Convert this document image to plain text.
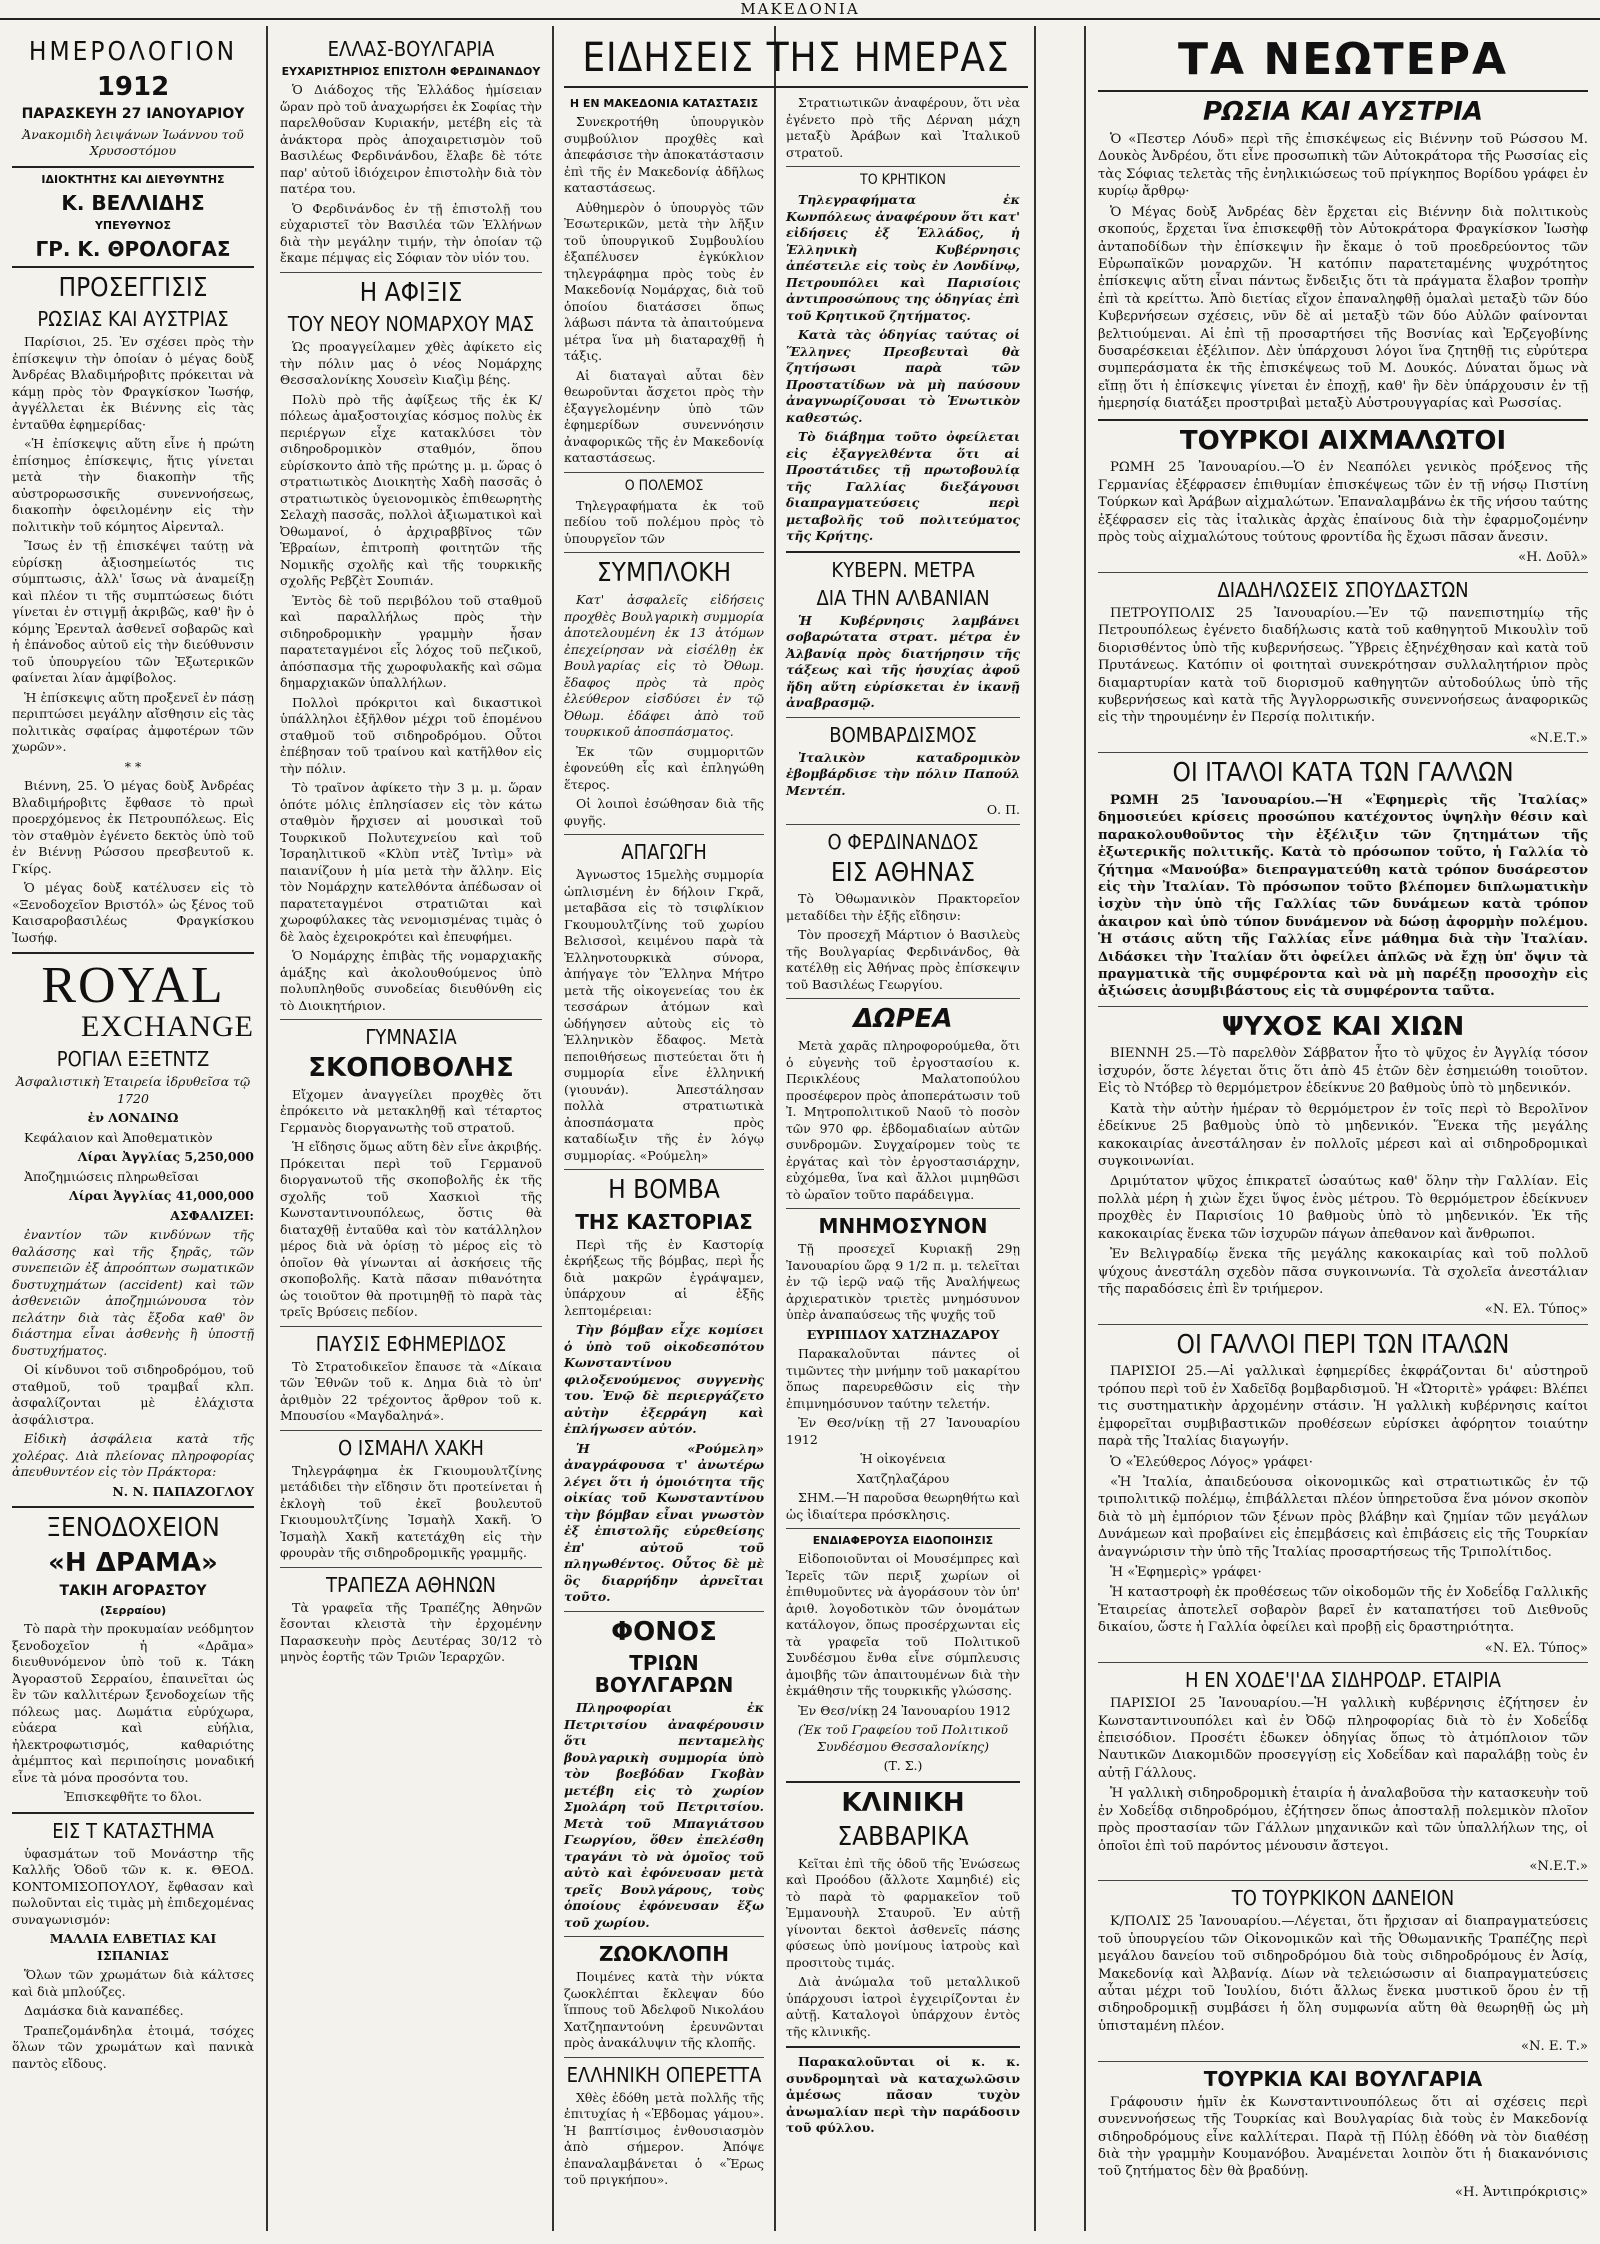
ΜΑΚΕΔΟΝΙΑ
ΗΜΕΡΟΛΟΓΙΟΝ
1912
ΠΑΡΑΣΚΕΥΗ 27 ΙΑΝΟΥΑΡΙΟΥ

Ἀνακομιδὴ λειψάνων Ἰωάννου τοῦ Χρυσοστόμου

ΙΔΙΟΚΤΗΤΗΣ ΚΑΙ ΔΙΕΥΘΥΝΤΗΣ
Κ. ΒΕΛΛΙΔΗΣ
ΥΠΕΥΘΥΝΟΣ
ΓΡ. Κ. ΘΡΟΛΟΓΑΣ
ΠΡΟΣΕΓΓΙΣΙΣ
ΡΩΣΙΑΣ ΚΑΙ ΑΥΣΤΡΙΑΣ

Παρίσιοι, 25. Ἐν σχέσει πρὸς τὴν ἐπίσκεψιν τὴν ὁποίαν ὁ μέγας δοὺξ Ἀνδρέας Βλαδιμήροβιτς πρόκειται νὰ κάμῃ πρὸς τὸν Φραγκίσκον Ἰωσήφ, ἀγγέλλεται ἐκ Βιέννης εἰς τὰς ἐνταῦθα ἐφημερίδας·

«Ἡ ἐπίσκεψις αὕτη εἶνε ἡ πρώτη ἐπίσημος ἐπίσκεψις, ἥτις γίνεται μετὰ τὴν διακοπὴν τῆς αὐστρορωσσικῆς συνεννοήσεως, διακοπὴν ὀφειλομένην εἰς τὴν πολιτικὴν τοῦ κόμητος Αἰρενταλ.

Ἴσως ἐν τῇ ἐπισκέψει ταύτῃ νὰ εὑρίσκῃ ἀξιοσημείωτός τις σύμπτωσις, ἀλλ' ἴσως νὰ ἀναμείξῃ καὶ πλέον τι τῆς συμπτώσεως διότι γίνεται ἐν στιγμῇ ἀκριβῶς, καθ' ἣν ὁ κόμης Ἐρενταλ ἀσθενεῖ σοβαρῶς καὶ ἡ ἐπάνοδος αὐτοῦ εἰς τὴν διεύθυνσιν τοῦ ὑπουργείου τῶν Ἐξωτερικῶν φαίνεται λίαν ἀμφίβολος.

Ἡ ἐπίσκεψις αὕτη προξενεῖ ἐν πάσῃ περιπτώσει μεγάλην αἴσθησιν εἰς τὰς πολιτικὰς σφαίρας ἀμφοτέρων τῶν χωρῶν».

* *

Βιέννη, 25. Ὁ μέγας δοὺξ Ἀνδρέας Βλαδιμήροβιτς ἔφθασε τὸ πρωὶ προερχόμενος ἐκ Πετρουπόλεως. Εἰς τὸν σταθμὸν ἐγένετο δεκτὸς ὑπὸ τοῦ ἐν Βιέννῃ Ρώσσου πρεσβευτοῦ κ. Γκίρς.

Ὁ μέγας δοὺξ κατέλυσεν εἰς τὸ «Ξενοδοχεῖον Βριστόλ» ὡς ξένος τοῦ Καισαροβασιλέως Φραγκίσκου Ἰωσήφ.

ROYAL
EXCHANGE
ΡΟΓΙΑΛ ΕΞΕΤΝΤΖ

Ἀσφαλιστικὴ Ἑταιρεία ἱδρυθεῖσα τῷ 1720

ἐν ΛΟΝΔΙΝΩ

Κεφάλαιον καὶ Ἀποθεματικὸν

Λίραι Ἀγγλίας 5,250,000

Ἀποζημιώσεις πληρωθεῖσαι

Λίραι Ἀγγλίας 41,000,000

ΑΣΦΑΛΙΖΕΙ:

ἐναντίον τῶν κινδύνων τῆς θαλάσσης καὶ τῆς ξηρᾶς, τῶν συνεπειῶν ἐξ ἀπροόπτων σωματικῶν δυστυχημάτων (accident) καὶ τῶν ἀσθενειῶν ἀποζημιώνουσα τὸν πελάτην διὰ τὰς ἔξοδα καθ' ὃν διάστημα εἶναι ἀσθενὴς ἢ ὑποστῇ δυστυχήματος.

Οἱ κίνδυνοι τοῦ σιδηροδρόμου, τοῦ σταθμοῦ, τοῦ τραμβαΐ κλπ. ἀσφαλίζονται μὲ ἐλάχιστα ἀσφάλιστρα.

Εἰδικὴ ἀσφάλεια κατὰ τῆς χολέρας. Διὰ πλείονας πληροφορίας ἀπευθυντέον εἰς τὸν Πράκτορα:

Ν. Ν. ΠΑΠΑΖΟΓΛΟΥ

ΞΕΝΟΔΟΧΕΙΟΝ
«Η ΔΡΑΜΑ»
ΤΑΚΙΗ ΑΓΟΡΑΣΤΟΥ
(Σερραίου)

Τὸ παρὰ τὴν προκυμαίαν νεόδμητον ξενοδοχεῖον ἡ «Δρᾶμα» διευθυνόμενον ὑπὸ τοῦ κ. Τάκη Ἀγοραστοῦ Σερραίου, ἐπαινεῖται ὡς ἓν τῶν καλλιτέρων ξενοδοχείων τῆς πόλεως μας. Δωμάτια εὐρύχωρα, εὐάερα καὶ εὐήλια, ἠλεκτροφωτισμός, καθαριότης ἀμέμπτος καὶ περιποίησις μοναδική εἶνε τὰ μόνα προσόντα του.

Ἐπισκεφθῆτε το δλοι.

ΕΙΣ Τ ΚΑΤΑΣΤΗΜΑ

ὑφασμάτων τοῦ Μονάστηρ τῆς Καλλῆς Ὁδοῦ τῶν κ. κ. ΘΕΟΔ. ΚΟΝΤΟΜΙΣΟΠΟΥΛΟΥ, ἔφθασαν καὶ πωλοῦνται εἰς τιμὰς μὴ ἐπιδεχομένας συναγωνισμόν:

ΜΑΛΛΙΑ ΕΛΒΕΤΙΑΣ ΚΑΙ ΙΣΠΑΝΙΑΣ

Ὅλων τῶν χρωμάτων διὰ κάλτσες καὶ διὰ μπλούζες.

Δαμάσκα διὰ καναπέδες.

Τραπεζομάνδηλα ἑτοιμά, τσόχες ὅλων τῶν χρωμάτων καὶ πανικὰ παντὸς εἴδους.

ΕΛΛΑΣ-ΒΟΥΛΓΑΡΙΑ
ΕΥΧΑΡΙΣΤΗΡΙΟΣ ΕΠΙΣΤΟΛΗ ΦΕΡΔΙΝΑΝΔΟΥ

Ὁ Διάδοχος τῆς Ἑλλάδος ἡμίσειαν ὥραν πρὸ τοῦ ἀναχωρήσει ἐκ Σοφίας τὴν παρελθοῦσαν Κυριακήν, μετέβη εἰς τὰ ἀνάκτορα πρὸς ἀποχαιρετισμὸν τοῦ Βασιλέως Φερδινάνδου, ἔλαβε δὲ τότε παρ' αὐτοῦ ἰδιόχειρον ἐπιστολὴν διὰ τὸν πατέρα του.

Ὁ Φερδινάνδος ἐν τῇ ἐπιστολῇ του εὐχαριστεῖ τὸν Βασιλέα τῶν Ἑλλήνων διὰ τὴν μεγάλην τιμήν, τὴν ὁποίαν τῷ ἔκαμε πέμψας εἰς Σόφιαν τὸν υἱόν του.

Η ΑΦΙΞΙΣ
ΤΟΥ ΝΕΟΥ ΝΟΜΑΡΧΟΥ ΜΑΣ

Ὡς προαγγείλαμεν χθὲς ἀφίκετο εἰς τὴν πόλιν μας ὁ νέος Νομάρχης Θεσσαλονίκης Χουσεὶν Κιαζὶμ βέης.

Πολὺ πρὸ τῆς ἀφίξεως τῆς ἐκ Κ/πόλεως ἀμαξοστοιχίας κόσμος πολὺς ἐκ περιέργων εἶχε κατακλύσει τὸν σιδηροδρομικὸν σταθμόν, ὅπου εὑρίσκοντο ἀπὸ τῆς πρώτης μ. μ. ὥρας ὁ στρατιωτικὸς Διοικητὴς Χαδὴ πασσᾶς ὁ στρατιωτικὸς ὑγειονομικὸς ἐπιθεωρητὴς Σελαχὴ πασσᾶς, πολλοὶ ἀξιωματικοὶ καὶ Ὀθωμανοί, ὁ ἀρχιραββῖνος τῶν Ἑβραίων, ἐπιτροπὴ φοιτητῶν τῆς Νομικῆς σχολῆς καὶ τῆς τουρκικῆς σχολῆς Ρεβζὲτ Σουπιάν.

Ἐντὸς δὲ τοῦ περιβόλου τοῦ σταθμοῦ καὶ παραλλήλως πρὸς τὴν σιδηροδρομικὴν γραμμὴν ἦσαν παρατεταγμένοι εἷς λόχος τοῦ πεζικοῦ, ἀπόσπασμα τῆς χωροφυλακῆς καὶ σῶμα δημαρχιακῶν ὑπαλλήλων.

Πολλοὶ πρόκριτοι καὶ δικαστικοὶ ὑπάλληλοι ἐξῆλθον μέχρι τοῦ ἑπομένου σταθμοῦ τοῦ σιδηροδρόμου. Οὗτοι ἐπέβησαν τοῦ τραίνου καὶ κατῆλθον εἰς τὴν πόλιν.

Τὸ τραῖνον ἀφίκετο τὴν 3 μ. μ. ὥραν ὁπότε μόλις ἐπλησίασεν εἰς τὸν κάτω σταθμὸν ἤρχισεν αἱ μουσικαὶ τοῦ Τουρκικοῦ Πολυτεχνείου καὶ τοῦ Ἰσραηλιτικοῦ «Κλὺπ ντὲζ Ἰντὶμ» νὰ παιανίζουν ἡ μία μετὰ τὴν ἄλλην. Εἰς τὸν Νομάρχην κατελθόντα ἀπέδωσαν οἱ παρατεταγμένοι στρατιῶται καὶ χωροφύλακες τὰς νενομισμένας τιμὰς ὁ δὲ λαὸς ἐχειροκρότει καὶ ἐπευφήμει.

Ὁ Νομάρχης ἐπιβὰς τῆς νομαρχιακῆς ἁμάξης καὶ ἀκολουθούμενος ὑπὸ πολυπληθοῦς συνοδείας διευθύνθη εἰς τὸ Διοικητήριον.

ΓΥΜΝΑΣΙΑ
ΣΚΟΠΟΒΟΛΗΣ

Εἴχομεν ἀναγγείλει προχθὲς ὅτι ἐπρόκειτο νὰ μετακληθῇ καὶ τέταρτος Γερμανὸς διοργανωτὴς τοῦ στρατοῦ.

Ἡ εἴδησις ὅμως αὕτη δὲν εἶνε ἀκριβής. Πρόκειται περὶ τοῦ Γερμανοῦ διοργανωτοῦ τῆς σκοποβολῆς ἐκ τῆς σχολῆς τοῦ Χασκιοὶ τῆς Κωνσταντινουπόλεως, ὅστις θὰ διαταχθῇ ἐνταῦθα καὶ τὸν κατάλληλον μέρος διὰ νὰ ὁρίσῃ τὸ μέρος εἰς τὸ ὁποῖον θὰ γίνωνται αἱ ἀσκήσεις τῆς σκοποβολῆς. Κατὰ πᾶσαν πιθανότητα ὡς τοιοῦτον θὰ προτιμηθῇ τὸ παρὰ τὰς τρεῖς Βρύσεις πεδίον.

ΠΑΥΣΙΣ ΕΦΗΜΕΡΙΔΟΣ

Τὸ Στρατοδικεῖον ἔπαυσε τὰ «Δίκαια τῶν Ἐθνῶν τοῦ κ. Δημα διὰ τὸ ὑπ' ἀριθμὸν 22 τρέχοντος ἄρθρον τοῦ κ. Μπουσίου «Μαγδαληνά».

Ο ΙΣΜΑΗΛ ΧΑΚΗ

Τηλεγράφημα ἐκ Γκιουμουλτζίνης μετάδιδει τὴν εἴδησιν ὅτι προτείνεται ἡ ἐκλογὴ τοῦ ἐκεῖ βουλευτοῦ Γκιουμουλτζίνης Ἰσμαὴλ Χακῆ. Ὁ Ἰσμαὴλ Χακῆ κατετάχθη εἰς τὴν φρουρὰν τῆς σιδηροδρομικῆς γραμμῆς.

ΤΡΑΠΕΖΑ ΑΘΗΝΩΝ

Τὰ γραφεῖα τῆς Τραπέζης Ἀθηνῶν ἔσονται κλειστὰ τὴν ἐρχομένην Παρασκευὴν πρὸς Δευτέρας 30/12 τὸ μηνὸς ἑορτῆς τῶν Τριῶν Ἱεραρχῶν.

ΕΙΔΗΣΕΙΣ ΤΗΣ ΗΜΕΡΑΣ
Η ΕΝ ΜΑΚΕΔΟΝΙΑ ΚΑΤΑΣΤΑΣΙΣ

Συνεκροτήθη ὑπουργικὸν συμβούλιον προχθὲς καὶ ἀπεφάσισε τὴν ἀποκατάστασιν ἐπὶ τῆς ἐν Μακεδονίᾳ ἀδῆλως καταστάσεως.

Αὐθημερὸν ὁ ὑπουργὸς τῶν Ἐσωτερικῶν, μετὰ τὴν λῆξιν τοῦ ὑπουργικοῦ Συμβουλίου ἐξαπέλυσεν ἐγκύκλιον τηλεγράφημα πρὸς τοὺς ἐν Μακεδονίᾳ Νομάρχας, διὰ τοῦ ὁποίου διατάσσει ὅπως λάβωσι πάντα τὰ ἀπαιτούμενα μέτρα ἵνα μὴ διαταραχθῇ ἡ τάξις.

Αἱ διαταγαὶ αὗται δὲν θεωροῦνται ἄσχετοι πρὸς τὴν ἐξαγγελομένην ὑπὸ τῶν ἐφημερίδων συνεννόησιν ἀναφορικῶς τῆς ἐν Μακεδονίᾳ καταστάσεως.

Ο ΠΟΛΕΜΟΣ

Τηλεγραφήματα ἐκ τοῦ πεδίου τοῦ πολέμου πρὸς τὸ ὑπουργεῖον τῶν

ΣΥΜΠΛΟΚΗ

Κατ' ἀσφαλεῖς εἰδήσεις προχθὲς Βουλγαρικὴ συμμορία ἀποτελουμένη ἐκ 13 ἀτόμων ἐπεχείρησαν νὰ εἰσέλθῃ ἐκ Βουλγαρίας εἰς τὸ Ὀθωμ. ἔδαφος πρὸς τὰ πρὸς ἐλεύθερον εἰσδύσει ἐν τῷ Ὀθωμ. ἐδάφει ἀπὸ τοῦ τουρκικοῦ ἀποσπάσματος.

Ἐκ τῶν συμμοριτῶν ἐφονεύθη εἷς καὶ ἐπληγώθη ἕτερος.

Οἱ λοιποὶ ἐσώθησαν διὰ τῆς φυγῆς.

ΑΠΑΓΩΓΗ

Ἀγνωστος 15μελὴς συμμορία ὡπλισμένη ἐν δήλοιν Γκρᾶ, μεταβᾶσα εἰς τὸ τσιφλίκιον Γκουμουλτζίνης τοῦ χωρίου Βελισσοὶ, κειμένου παρὰ τὰ Ἑλληνοτουρκικὰ σύνορα, ἀπήγαγε τὸν Ἕλληνα Μήτρο μετὰ τῆς οἰκογενείας του ἐκ τεσσάρων ἀτόμων καὶ ὡδήγησεν αὐτοὺς εἰς τὸ Ἑλληνικὸν ἔδαφος. Μετὰ πεποιθήσεως πιστεύεται ὅτι ἡ συμμορία εἶνε ἑλληνική (γιουνάν). Ἀπεστάλησαν πολλὰ στρατιωτικὰ ἀποσπάσματα πρὸς καταδίωξιν τῆς ἐν λόγῳ συμμορίας. «Ρούμελη»

Η ΒΟΜΒΑ
ΤΗΣ ΚΑΣΤΟΡΙΑΣ

Περὶ τῆς ἐν Καστορίᾳ ἐκρήξεως τῆς βόμβας, περὶ ἧς διὰ μακρῶν ἐγράψαμεν, ὑπάρχουν αἱ ἑξῆς λεπτομέρειαι:

Τὴν βόμβαν εἶχε κομίσει ὁ ὑπὸ τοῦ οἰκοδεσπότου Κωνσταντίνου φιλοξενούμενος συγγενὴς του. Ἐνῷ δὲ περιεργάζετο αὐτὴν ἐξερράγη καὶ ἐπλήγωσεν αὐτόν.

Ἡ «Ρούμελη» ἀναγράφουσα τ' ἀνωτέρω λέγει ὅτι ἡ ὁμοιότητα τῆς οἰκίας τοῦ Κωνσταντίνου τὴν βόμβαν εἶναι γνωστὸν ἐξ ἐπιστολῆς εὑρεθείσης ἐπ' αὐτοῦ τοῦ πληγωθέντος. Οὗτος δὲ μὲ ὃς διαρρήδην ἀρνεῖται τοῦτο.

ΦΟΝΟΣ
ΤΡΙΩΝ ΒΟΥΛΓΑΡΩΝ

Πληροφορίαι ἐκ Πετριτσίου ἀναφέρουσιν ὅτι πενταμελὴς βουλγαρικὴ συμμορία ὑπὸ τὸν βοεβόδαν Γκοβὰν μετέβη εἰς τὸ χωρίον Σμολάρη τοῦ Πετριτσίου. Μετὰ τοῦ Μπαγιάτσου Γεωργίου, ὅθεν ἐπελέσθη τραγάνι τὸ νὰ ὁμοῖος τοῦ αὐτὸ καὶ ἐφόνευσαν μετὰ τρεῖς Βουλγάρους, τοὺς ὁποίους ἐφόνευσαν ἔξω τοῦ χωρίου.

ΖΩΟΚΛΟΠΗ

Ποιμένες κατὰ τὴν νύκτα ζωοκλέπται ἔκλεψαν δύο ἵππους τοῦ Ἀδελφοῦ Νικολάου Χατζηπαντούνη ἐρευνῶνται πρὸς ἀνακάλυψιν τῆς κλοπῆς.

ΕΛΛΗΝΙΚΗ ΟΠΕΡΕΤΤΑ

Χθὲς ἐδόθη μετὰ πολλῆς τῆς ἐπιτυχίας ἡ «Ἑβδομας γάμου». Ἡ βαπτίσιμος ἐνθουσιασμὸν ἀπὸ σήμερον. Ἀπόψε ἐπαναλαμβάνεται ὁ «Ἔρως τοῦ πριγκήπου».

Στρατιωτικῶν ἀναφέρουν, ὅτι νὲα ἐγένετο πρὸ τῆς Δέρναη μάχη μεταξὺ Ἀράβων καὶ Ἰταλικοῦ στρατοῦ.

ΤΟ ΚΡΗΤΙΚΟΝ

Τηλεγραφήματα ἐκ Κωνπόλεως ἀναφέρουν ὅτι κατ' εἰδήσεις ἐξ Ἑλλάδος, ἡ Ἑλληνικὴ Κυβέρνησις ἀπέστειλε εἰς τοὺς ἐν Λονδίνῳ, Πετρουπόλει καὶ Παρισίοις ἀντιπροσώπους της ὁδηγίας ἐπὶ τοῦ Κρητικοῦ ζητήματος.

Κατὰ τὰς ὁδηγίας ταύτας οἱ Ἕλληνες Πρεσβευταὶ θὰ ζητήσωσι παρὰ τῶν Προστατίδων νὰ μὴ παύσουν ἀναγνωρίζουσαι τὸ Ἑνωτικὸν καθεστώς.

Τὸ διάβημα τοῦτο ὀφείλεται εἰς ἐξαγγελθέντα ὅτι αἱ Προστάτιδες τῇ πρωτοβουλίᾳ τῆς Γαλλίας διεξάγουσι διαπραγματεύσεις περὶ μεταβολῆς τοῦ πολιτεύματος τῆς Κρήτης.

ΚΥΒΕΡΝ. ΜΕΤΡΑ
ΔΙΑ ΤΗΝ ΑΛΒΑΝΙΑΝ

Ἡ Κυβέρνησις λαμβάνει σοβαρώτατα στρατ. μέτρα ἐν Ἀλβανίᾳ πρὸς διατήρησιν τῆς τάξεως καὶ τῆς ἡσυχίας ἀφοῦ ἤδη αὕτη εὑρίσκεται ἐν ἱκανῇ ἀναβρασμῷ.

ΒΟΜΒΑΡΔΙΣΜΟΣ

Ἰταλικὸν καταδρομικὸν ἐβομβάρδισε τὴν πόλιν Παπούλ Μεντέπ.

Ο. Π.

Ο ΦΕΡΔΙΝΑΝΔΟΣ
ΕΙΣ ΑΘΗΝΑΣ

Τὸ Ὀθωμανικὸν Πρακτορεῖον μεταδίδει τὴν ἑξῆς εἴδησιν:

Τὸν προσεχῆ Μάρτιον ὁ Βασιλεὺς τῆς Βουλγαρίας Φερδινάνδος, θὰ κατέλθῃ εἰς Ἀθήνας πρὸς ἐπίσκεψιν τοῦ Βασιλέως Γεωργίου.

ΔΩΡΕΑ

Μετὰ χαρᾶς πληροφορούμεθα, ὅτι ὁ εὐγενὴς τοῦ ἐργοστασίου κ. Περικλέους Μαλατοπούλου προσέφερον πρὸς ἀποπεράτωσιν τοῦ Ἰ. Μητροπολιτικοῦ Ναοῦ τὸ ποσὸν τῶν 970 φρ. ἐβδομαδιαίων αὐτῶν συνδρομῶν. Συγχαίρομεν τοὺς τε ἐργάτας καὶ τὸν ἐργοστασιάρχην, εὐχόμεθα, ἵνα καὶ ἄλλοι μιμηθῶσι τὸ ὡραῖον τοῦτο παράδειγμα.

ΜΝΗΜΟΣΥΝΟΝ

Τῇ προσεχεῖ Κυριακῇ 29ῃ Ἰανουαρίου ὥρᾳ 9 1/2 π. μ. τελεῖται ἐν τῷ ἱερῷ ναῷ τῆς Ἀναλήψεως ἀρχιερατικὸν τριετὲς μνημόσυνον ὑπὲρ ἀναπαύσεως τῆς ψυχῆς τοῦ

ΕΥΡΙΠΙΔΟΥ ΧΑΤΖΗΑΖΑΡΟΥ

Παρακαλοῦνται πάντες οἱ τιμῶντες τὴν μνήμην τοῦ μακαρίτου ὅπως παρευρεθῶσιν εἰς τὴν ἐπιμνημόσυνον ταύτην τελετήν.

Ἐν Θεσ/νίκῃ τῇ 27 Ἰανουαρίου 1912

Ἡ οἰκογένεια

Χατζηλαζάρου

ΣΗΜ.—Ἡ παροῦσα θεωρηθήτω καὶ ὡς ἰδιαίτερα πρόσκλησις.

ΕΝΔΙΑΦΕΡΟΥΣΑ ΕΙΔΟΠΟΙΗΣΙΣ

Εἰδοποιοῦνται οἱ Μουσέμπρες καὶ Ἱερεῖς τῶν περιξ χωρίων οἱ ἐπιθυμοῦντες νὰ ἀγοράσουν τὸν ὑπ' ἀριθ. λογοδοτικὸν τῶν ὀνομάτων κατάλογον, ὅπως προσέρχωνται εἰς τὰ γραφεῖα τοῦ Πολιτικοῦ Συνδέσμου ἔνθα εἶνε σύμπλευσις ἀμοιβῆς τῶν ἀπαιτουμένων διὰ τὴν ἐκμάθησιν τῆς τουρκικῆς γλώσσης.

Ἐν Θεσ/νίκῃ 24 Ἰανουαρίου 1912

(Ἐκ τοῦ Γραφείου τοῦ Πολιτικοῦ Συνδέσμου Θεσσαλονίκης)

(Τ. Σ.)

ΚΛΙΝΙΚΗ
ΣΑΒΒΑΡΙΚΑ

Κεῖται ἐπὶ τῆς ὁδοῦ τῆς Ἐνώσεως καὶ Προόδου (ἄλλοτε Χαμηδιέ) εἰς τὸ παρὰ τὸ φαρμακεῖον τοῦ Ἐμμανουὴλ Σταυροῦ. Ἐν αὐτῇ γίνονται δεκτοὶ ἀσθενεῖς πάσης φύσεως ὑπὸ μονίμους ἰατροὺς καὶ προσιτοὺς τιμάς.

Διὰ ἀνώμαλα τοῦ μεταλλικοῦ ὑπάρχουσι ἰατροὶ ἐγχειρίζονται ἐν αὐτῇ. Καταλογοὶ ὑπάρχουν ἐντὸς τῆς κλινικῆς.

Παρακαλοῦνται οἱ κ. κ. συνδρομηταὶ νὰ καταχωλῶσιν ἀμέσως πᾶσαν τυχὸν ἀνωμαλίαν περὶ τὴν παράδοσιν τοῦ φύλλου.

ΤΑ ΝΕΩΤΕΡΑ
ΡΩΣΙΑ ΚΑΙ ΑΥΣΤΡΙΑ

Ὁ «Πεστερ Λόυδ» περὶ τῆς ἐπισκέψεως εἰς Βιέννην τοῦ Ρώσσου Μ. Δουκὸς Ἀνδρέου, ὅτι εἶνε προσωπικὴ τῶν Αὐτοκράτορα τῆς Ρωσσίας εἰς τὰς Σόφιας τελετὰς τῆς ἐνηλικιώσεως τοῦ πρίγκηπος Βορίδου γράφει ἐν κυρίῳ ἄρθρῳ·

Ὁ Μέγας δοὺξ Ἀνδρέας δὲν ἔρχεται εἰς Βιέννην διὰ πολιτικοὺς σκοπούς, ἔρχεται ἵνα ἐπισκεφθῇ τὸν Αὐτοκράτορα Φραγκίσκον Ἰωσὴφ ἀνταποδίδων τὴν ἐπίσκεψιν ἣν ἔκαμε ὁ τοῦ προεδρεύοντος τῶν Εὐρωπαϊκῶν μοναρχῶν. Ἡ κατόπιν παρατεταμένης ψυχρότητος ἐπίσκεψις αὕτη εἶναι πάντως ἔνδειξις ὅτι τὰ πράγματα ἔλαβον τροπὴν ἐπὶ τὰ κρείττω. Ἀπὸ διετίας εἴχον ἐπαναληφθῇ ὁμαλαὶ μεταξὺ τῶν δύο Κυβερνήσεων σχέσεις, νῦν δὲ αἱ μεταξὺ τῶν δύο Αὐλῶν φαίνονται βελτιούμεναι. Αἱ ἐπὶ τῇ προσαρτήσει τῆς Βοσνίας καὶ Ἑρζεγοβίνης δυσαρέσκειαι ἐξέλιπον. Δὲν ὑπάρχουσι λόγοι ἵνα ζητηθῇ τις εὐρύτερα συμπεράσματα ἐκ τῆς ἐπισκέψεως τοῦ Μ. Δουκός. Δύναται ὅμως νὰ εἴπῃ ὅτι ἡ ἐπίσκεψις γίνεται ἐν ἐποχῇ, καθ' ἣν δὲν ὑπάρχουσιν ἐν τῇ ἡμερησίᾳ διατάξει προστριβαὶ μεταξὺ Αὐστρουγγαρίας καὶ Ρωσσίας.

ΤΟΥΡΚΟΙ ΑΙΧΜΑΛΩΤΟΙ

ΡΩΜΗ 25 Ἰανουαρίου.—Ὁ ἐν Νεαπόλει γενικὸς πρόξενος τῆς Γερμανίας ἐξέφρασεν ἐπιθυμίαν ἐπισκέψεως τῶν ἐν τῇ νήσῳ Πιστίνη Τούρκων καὶ Ἀράβων αἰχμαλώτων. Ἐπαναλαμβάνω ἐκ τῆς νήσου ταύτης ἐξέφρασεν εἰς τὰς ἰταλικὰς ἀρχὰς ἐπαίνους διὰ τὴν ἐφαρμοζομένην πρὸς τοὺς αἰχμαλώτους τούτους φροντίδα ἣς ἔχωσι πᾶσαν ἄνεσιν.

«Η. Δοῦλ»

ΔΙΑΔΗΛΩΣΕΙΣ ΣΠΟΥΔΑΣΤΩΝ

ΠΕΤΡΟΥΠΟΛΙΣ 25 Ἰανουαρίου.—Ἐν τῷ πανεπιστημίῳ τῆς Πετρουπόλεως ἐγένετο διαδήλωσις κατὰ τοῦ καθηγητοῦ Μικουλὶν τοῦ διορισθέντος ὑπὸ τῆς κυβερνήσεως. Ὕβρεις ἐξηνέχθησαν καὶ κατὰ τοῦ Πρυτάνεως. Κατόπιν οἱ φοιτηταὶ συνεκρότησαν συλλαλητήριον πρὸς διαμαρτυρίαν κατὰ τοῦ διορισμοῦ καθηγητῶν αὐτοδούλως ὑπὸ τῆς κυβερνήσεως καὶ κατὰ τῆς Ἀγγλορρωσικῆς συνεννοήσεως ἀναφορικῶς εἰς τὴν τηρουμένην ἐν Περσίᾳ πολιτικήν.

«Ν.Ε.Τ.»

ΟΙ ΙΤΑΛΟΙ ΚΑΤΑ ΤΩΝ ΓΑΛΛΩΝ

ΡΩΜΗ 25 Ἰανουαρίου.—Ἡ «Ἐφημερὶς τῆς Ἰταλίας» δημοσιεύει κρίσεις προσώπου κατέχοντος ὑψηλὴν θέσιν καὶ παρακολουθοῦντος τὴν ἐξέλιξιν τῶν ζητημάτων τῆς ἐξωτερικῆς πολιτικῆς. Κατὰ τὸ πρόσωπον τοῦτο, ἡ Γαλλία τὸ ζήτημα «Μανούβα» διεπραγματεύθη κατὰ τρόπον δυσάρεστον εἰς τὴν Ἰταλίαν. Τὸ πρόσωπον τοῦτο βλέπομεν διπλωματικὴν ἰσχὺν τὴν ὑπὸ τῆς Γαλλίας τῶν δυνάμεων κατὰ τρόπον ἀκαιρον καὶ ὑπὸ τύπον δυνάμενον νὰ δώσῃ ἀφορμὴν πολέμου. Ἡ στάσις αὕτη τῆς Γαλλίας εἶνε μάθημα διὰ τὴν Ἰταλίαν. Διδάσκει τὴν Ἰταλίαν ὅτι ὀφείλει ἁπλῶς νὰ ἔχῃ ὑπ' ὄψιν τὰ πραγματικὰ τῆς συμφέροντα καὶ νὰ μὴ παρέξῃ προσοχὴν εἰς ἀξιώσεις ἀσυμβιβάστους εἰς τὰ συμφέροντα ταῦτα.

ΨΥΧΟΣ ΚΑΙ ΧΙΩΝ

ΒΙΕΝΝΗ 25.—Τὸ παρελθὸν Σάββατον ἦτο τὸ ψῦχος ἐν Ἀγγλίᾳ τόσον ἰσχυρόν, ὅστε λέγεται ὅτις ὅτι ἀπὸ 45 ἐτῶν δὲν ἐσημειώθη τοιοῦτον. Εἰς τὸ Ντόβερ τὸ θερμόμετρον ἐδείκνυε 20 βαθμοὺς ὑπὸ τὸ μηδενικόν.

Κατὰ τὴν αὐτὴν ἡμέραν τὸ θερμόμετρον ἐν τοῖς περὶ τὸ Βερολῖνον ἐδείκνυε 25 βαθμοὺς ὑπὸ τὸ μηδενικόν. Ἕνεκα τῆς μεγάλης κακοκαιρίας ἀνεστάλησαν ἐν πολλοῖς μέρεσι καὶ αἱ σιδηροδρομικαὶ συγκοινωνίαι.

Δριμύτατον ψῦχος ἐπικρατεῖ ὡσαύτως καθ' ὅλην τὴν Γαλλίαν. Εἰς πολλὰ μέρη ἡ χιὼν ἔχει ὕψος ἑνὸς μέτρου. Τὸ θερμόμετρον ἐδείκνυεν προχθὲς ἐν Παρισίοις 10 βαθμοὺς ὑπὸ τὸ μηδενικόν. Ἐκ τῆς κακοκαιρίας ἕνεκα τῶν ἰσχυρῶν πάγων ἀπεθανον καὶ ἄνθρωποι.

Ἐν Βελιγραδίῳ ἕνεκα τῆς μεγάλης κακοκαιρίας καὶ τοῦ πολλοῦ ψύχους ἀνεστάλη σχεδὸν πᾶσα συγκοινωνία. Τὰ σχολεῖα ἀνεστάλιαν τῆς παραδόσεις ἐπὶ ἓν τριήμερον.

«Ν. Ελ. Τύπος»

ΟΙ ΓΑΛΛΟΙ ΠΕΡΙ ΤΩΝ ΙΤΑΛΩΝ

ΠΑΡΙΣΙΟΙ 25.—Αἱ γαλλικαὶ ἐφημερίδες ἐκφράζονται δι' αὐστηροῦ τρόπου περὶ τοῦ ἐν Χαδεῖδᾳ βομβαρδισμοῦ. Ἡ «Ὠτοριτὲ» γράφει: Βλέπει τις συστηματικὴν ἀρχομένην στάσιν. Ἡ γαλλικὴ κυβέρνησις καίτοι ἐμφορεῖται συμβιβαστικῶν προθέσεων εὑρίσκει ἀφόρητον τοιαύτην παρὰ τῆς Ἰταλίας διαγωγήν.

Ὁ «Ἐλεύθερος Λόγος» γράφει·

«Ἡ Ἰταλία, ἀπαιδεύουσα οἰκονομικῶς καὶ στρατιωτικῶς ἐν τῷ τριπολιτικῷ πολέμῳ, ἐπιβάλλεται πλέον ὑπηρετοῦσα ἕνα μόνον σκοπὸν διὰ τὸ μὴ ἐμπόριον τῶν ξένων πρὸς βλάβην καὶ ζημίαν τῶν μεγάλων Δυνάμεων καὶ προβαίνει εἰς ἐπεμβάσεις καὶ ἐπιβάσεις εἰς τῆς Τουρκίαν ἀναγνώρισιν τὴν ὑπὸ τῆς Ἰταλίας προσαρτήσεως τῆς Τριπολίτιδος.

Ἡ «Ἐφημερὶς» γράφει·

Ἡ καταστροφὴ ἐκ προθέσεως τῶν οἰκοδομῶν τῆς ἐν Χοδεΐδᾳ Γαλλικῆς Ἑταιρείας ἀποτελεῖ σοβαρὸν βαρεῖ ἐν καταπατήσει τοῦ Διεθνοῦς δικαίου, ὥστε ἡ Γαλλία ὀφείλει καὶ προβῇ εἰς δραστηριότητα.

«Ν. Ελ. Τύπος»

Η ΕΝ ΧΟΔΕ'Ι'ΔΑ ΣΙΔΗΡΟΔΡ. ΕΤΑΙΡΙΑ

ΠΑΡΙΣΙΟΙ 25 Ἰανουαρίου.—Ἡ γαλλικὴ κυβέρνησις ἐζήτησεν ἐν Κωνσταντινουπόλει καὶ ἐν Ὀδῷ πληροφορίας διὰ τὸ ἐν Χοδεΐδᾳ ἐπεισόδιον. Προσέτι ἐδωκεν ὁδηγίας ὅπως τὸ ἀτμόπλοιον τῶν Ναυτικῶν Διακομιδῶν προσεγγίσῃ εἰς Χοδεΐδαν καὶ παραλάβῃ τοὺς ἐν αὐτῇ Γάλλους.

Ἡ γαλλικὴ σιδηροδρομικὴ ἑταιρία ἡ ἀναλαβοῦσα τὴν κατασκευὴν τοῦ ἐν Χοδεΐδᾳ σιδηροδρόμου, ἐζήτησεν ὅπως ἀποσταλῇ πολεμικὸν πλοῖον πρὸς προστασίαν τῶν Γάλλων μηχανικῶν καὶ τῶν ὑπαλλήλων της, οἱ ὁποῖοι ἐπὶ τοῦ παρόντος μένουσιν ἄστεγοι.

«Ν.Ε.Τ.»

ΤΟ ΤΟΥΡΚΙΚΟΝ ΔΑΝΕΙΟΝ

Κ/ΠΟΛΙΣ 25 Ἰανουαρίου.—Λέγεται, ὅτι ἤρχισαν αἱ διαπραγματεύσεις τοῦ ὑπουργείου τῶν Οἰκονομικῶν καὶ τῆς Ὀθωμανικῆς Τραπέζης περὶ μεγάλου δανείου τοῦ σιδηροδρόμου διὰ τοὺς σιδηροδρόμους ἐν Ἀσίᾳ, Μακεδονίᾳ καὶ Ἀλβανίᾳ. Δίων νὰ τελειώσωσιν αἱ διαπραγματεύσεις αὗται μέχρι τοῦ Ἰουλίου, διότι ἄλλως ἕνεκα μυστικοῦ ὅρου ἐν τῇ σιδηροδρομικῇ συμβάσει ἡ ὅλη συμφωνία αὕτη θὰ θεωρηθῇ ὡς μὴ ὑπισταμένη πλέον.

«Ν. Ε. Τ.»

ΤΟΥΡΚΙΑ ΚΑΙ ΒΟΥΛΓΑΡΙΑ

Γράφουσιν ἡμῖν ἐκ Κωνσταντινουπόλεως ὅτι αἱ σχέσεις περὶ συνεννοήσεως τῆς Τουρκίας καὶ Βουλγαρίας διὰ τοὺς ἐν Μακεδονίᾳ σιδηροδρόμους εἶνε καλλίτεραι. Παρὰ τῇ Πύλῃ ἐδόθη νὰ τὸν διαθέσῃ διὰ τὴν γραμμὴν Κουμανόβου. Ἀναμένεται λοιπὸν ὅτι ἡ διακανόνισις τοῦ ζητήματος δὲν θὰ βραδύνῃ.

«Η. Ἀντιπρόκρισις»
